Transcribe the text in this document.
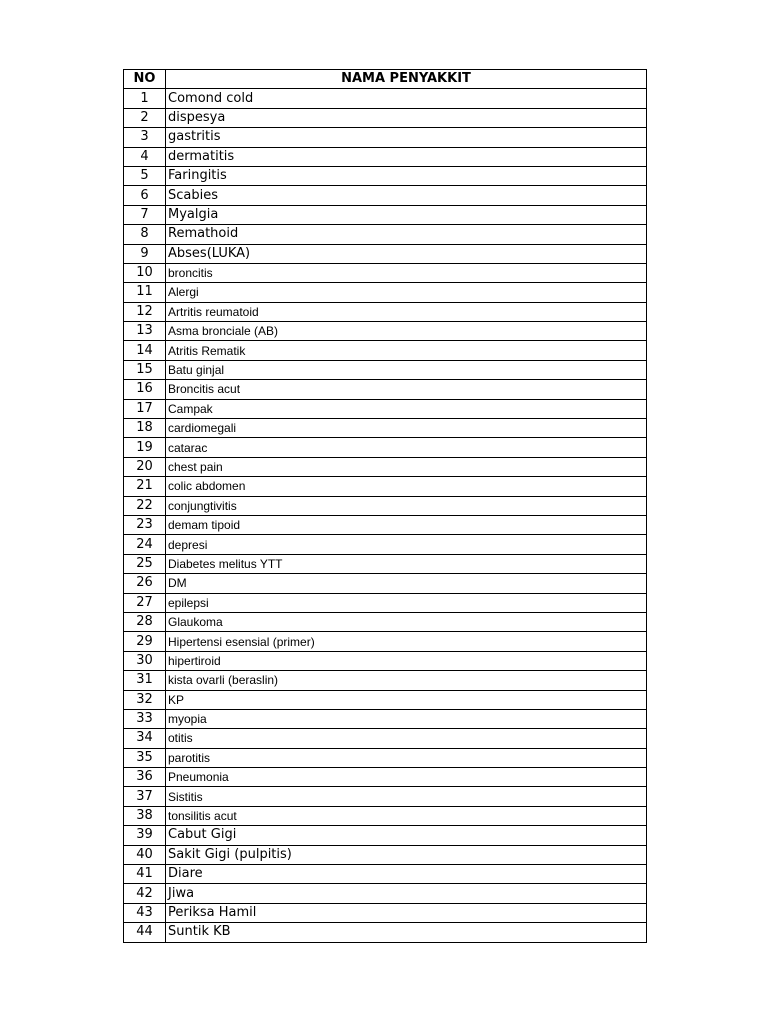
NO	NAMA PENYAKKIT
1	Comond cold
2	dispesya
3	gastritis
4	dermatitis
5	Faringitis
6	Scabies
7	Myalgia
8	Remathoid
9	Abses(LUKA)
10	broncitis
11	Alergi
12	Artritis reumatoid
13	Asma bronciale (AB)
14	Atritis Rematik
15	Batu ginjal
16	Broncitis acut
17	Campak
18	cardiomegali
19	catarac
20	chest pain
21	colic abdomen
22	conjungtivitis
23	demam tipoid
24	depresi
25	Diabetes melitus YTT
26	DM
27	epilepsi
28	Glaukoma
29	Hipertensi esensial (primer)
30	hipertiroid
31	kista ovarli (beraslin)
32	KP
33	myopia
34	otitis
35	parotitis
36	Pneumonia
37	Sistitis
38	tonsilitis acut
39	Cabut Gigi
40	Sakit Gigi (pulpitis)
41	Diare
42	Jiwa
43	Periksa Hamil
44	Suntik KB
